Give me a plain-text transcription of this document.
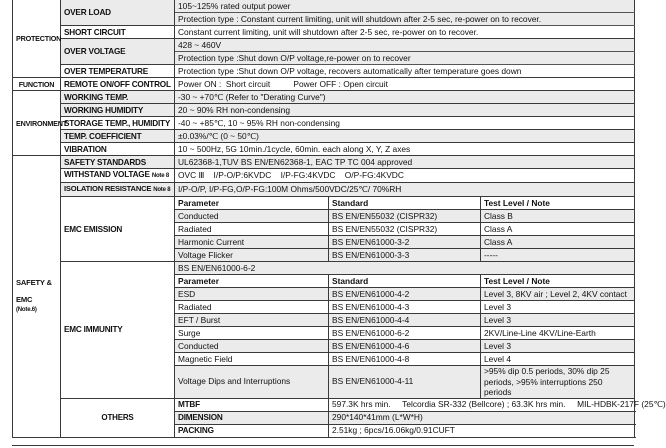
PROTECTION	OVER LOAD	105~125% rated output power		
		Protection type : Constant current limiting, unit will shutdown after 2-5 sec, re-power on to recover.		
	SHORT CIRCUIT	Constant current limiting, unit will shutdown after 2-5 sec, re-power on to recover.		
	OVER VOLTAGE	428 ~ 460V		
		Protection type :Shut down O/P voltage,re-power on to recover		
	OVER TEMPERATURE	Protection type :Shut down O/P voltage, recovers automatically after temperature goes down		
FUNCTION	REMOTE ON/OFF CONTROL	Power ON :  Short circuit          Power OFF : Open circuit		
ENVIRONMENT	WORKING TEMP.	-30 ~ +70℃ (Refer to "Derating Curve")		
	WORKING HUMIDITY	20 ~ 90% RH non-condensing		
	STORAGE TEMP., HUMIDITY	-40 ~ +85℃, 10 ~ 95% RH non-condensing		
	TEMP. COEFFICIENT	±0.03%/℃ (0 ~ 50℃)		
	VIBRATION	10 ~ 500Hz, 5G 10min./1cycle, 60min. each along X, Y, Z axes		

SAFETY &
EMC
(Note.6)	SAFETY STANDARDS	UL62368-1,TUV BS EN/EN62368-1, EAC TP TC 004 approved		
	WITHSTAND VOLTAGE Note 8	OVC Ⅲ    I/P-O/P:6KVDC    I/P-FG:4KVDC    O/P-FG:4KVDC		
	ISOLATION RESISTANCE Note 8	I/P-O/P, I/P-FG,O/P-FG:100M Ohms/500VDC/25℃/ 70%RH		
	EMC EMISSION	Parameter	Standard	Test Level / Note
		Conducted	BS EN/EN55032 (CISPR32)	Class B
		Radiated	BS EN/EN55032 (CISPR32)	Class A
		Harmonic Current	BS EN/EN61000-3-2	Class A
		Voltage Flicker	BS EN/EN61000-3-3	-----
	EMC IMMUNITY	BS EN/EN61000-6-2		
		Parameter	Standard	Test Level / Note
		ESD	BS EN/EN61000-4-2	Level 3, 8KV air ; Level 2, 4KV contact
		Radiated	BS EN/EN61000-4-3	Level 3
		EFT / Burst	BS EN/EN61000-4-4	Level 3
		Surge	BS EN/EN61000-6-2	2KV/Line-Line 4KV/Line-Earth
		Conducted	BS EN/EN61000-4-6	Level 3
		Magnetic Field	BS EN/EN61000-4-8	Level 4
		Voltage Dips and Interruptions	BS EN/EN61000-4-11	>95% dip 0.5 periods, 30% dip 25 periods, >95% interruptions 250 periods
	OTHERS	MTBF	597.3K hrs min.     Telcordia SR-332 (Bellcore) ; 63.3K hrs min.     MIL-HDBK-217F (25℃)	
		DIMENSION	290*140*41mm (L*W*H)	
		PACKING	2.51kg ; 6pcs/16.06kg/0.91CUFT	
